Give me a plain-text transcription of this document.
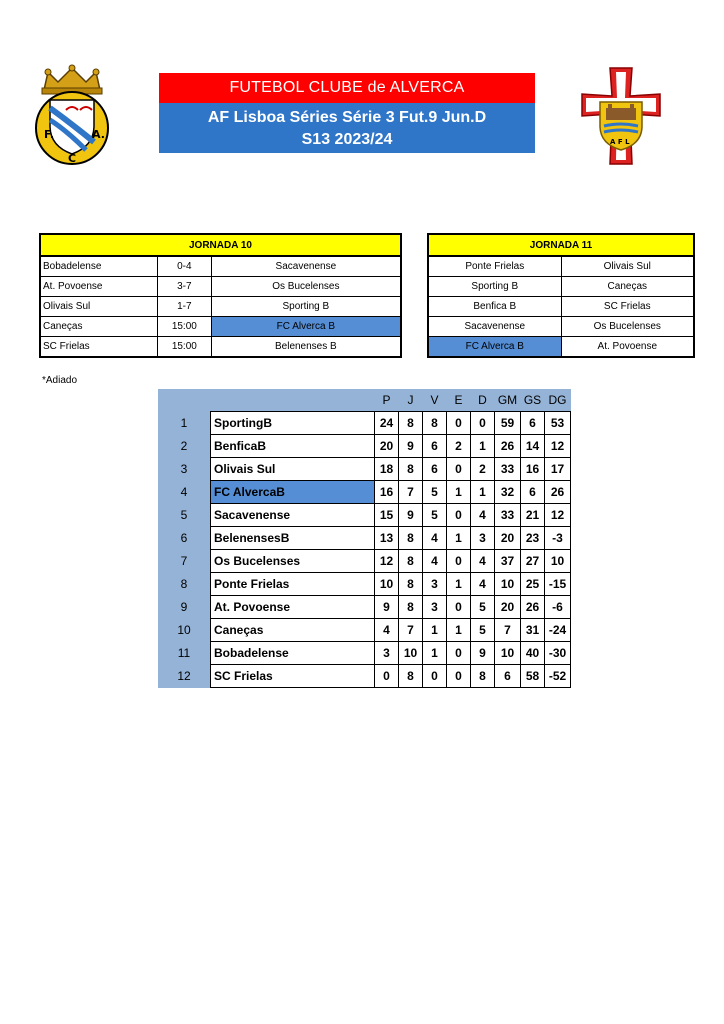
F.	A.
C
A F L
FUTEBOL CLUBE de ALVERCA
AF Lisboa Séries Série 3 Fut.9 Jun.D
S13 2023/24
JORNADA 10		
Bobadelense	0-4	Sacavenense
At. Povoense	3-7	Os Bucelenses
Olivais Sul	1-7	Sporting B
Caneças	15:00	FC Alverca B
SC Frielas	15:00	Belenenses B
JORNADA 11	
Ponte Frielas	Olivais Sul
Sporting B	Caneças
Benfica B	SC Frielas
Sacavenense	Os Bucelenses
FC Alverca B	At. Povoense
*Adiado
		P	J	V	E	D	GM	GS	DG
1	SportingB	24	8	8	0	0	59	6	53
2	BenficaB	20	9	6	2	1	26	14	12
3	Olivais Sul	18	8	6	0	2	33	16	17
4	FC AlvercaB	16	7	5	1	1	32	6	26
5	Sacavenense	15	9	5	0	4	33	21	12
6	BelenensesB	13	8	4	1	3	20	23	-3
7	Os Bucelenses	12	8	4	0	4	37	27	10
8	Ponte Frielas	10	8	3	1	4	10	25	-15
9	At. Povoense	9	8	3	0	5	20	26	-6
10	Caneças	4	7	1	1	5	7	31	-24
11	Bobadelense	3	10	1	0	9	10	40	-30
12	SC Frielas	0	8	0	0	8	6	58	-52
